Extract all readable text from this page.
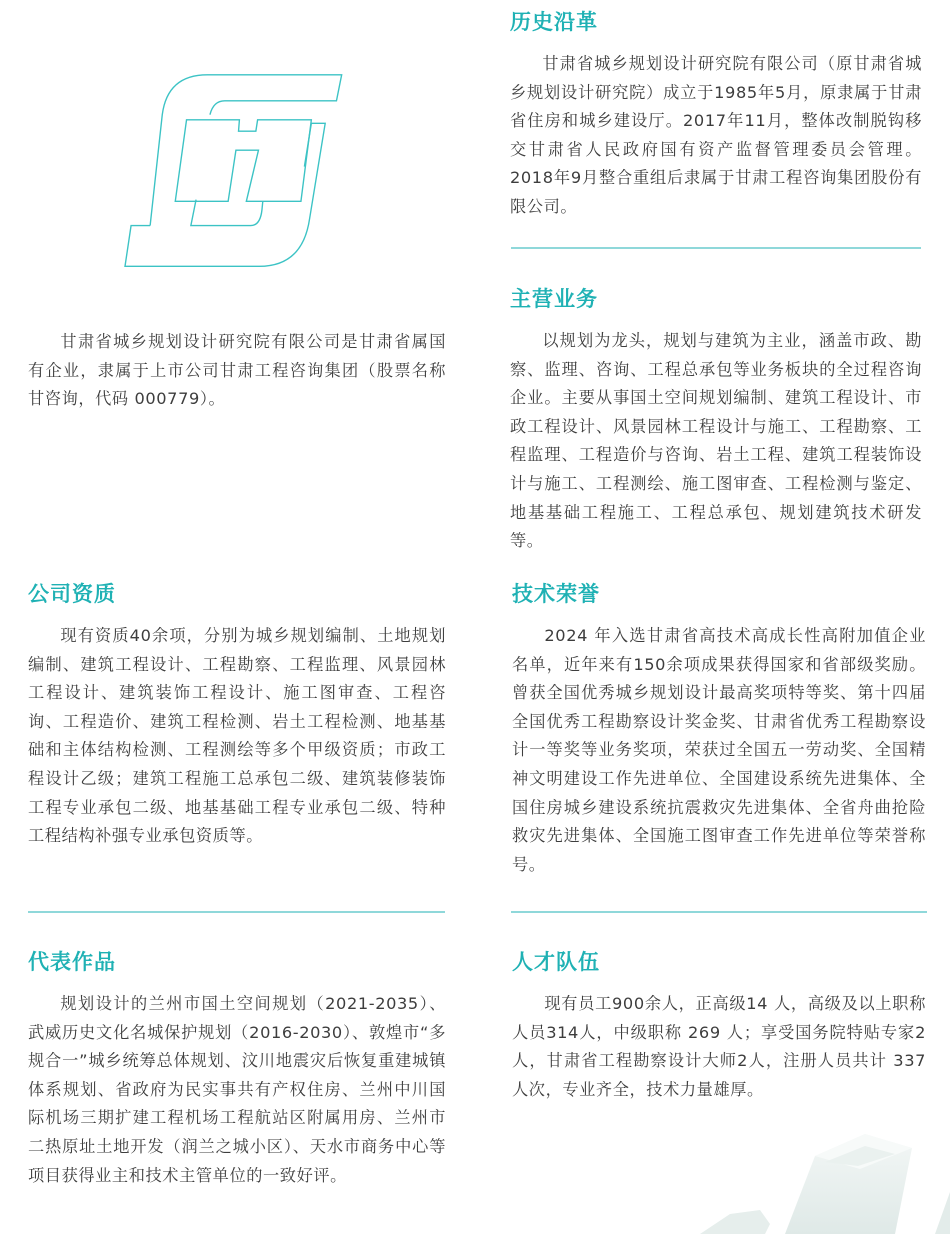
甘肃省城乡规划设计研究院有限公司是甘肃省属国有企业，隶属于上市公司甘肃工程咨询集团（股票名称甘咨询，代码 000779）。

历史沿革

甘肃省城乡规划设计研究院有限公司（原甘肃省城乡规划设计研究院）成立于1985年5月，原隶属于甘肃省住房和城乡建设厅。2017年11月，整体改制脱钩移交甘肃省人民政府国有资产监督管理委员会管理。2018年9月整合重组后隶属于甘肃工程咨询集团股份有限公司。

主营业务

以规划为龙头，规划与建筑为主业，涵盖市政、勘察、监理、咨询、工程总承包等业务板块的全过程咨询企业。主要从事国土空间规划编制、建筑工程设计、市政工程设计、风景园林工程设计与施工、工程勘察、工程监理、工程造价与咨询、岩土工程、建筑工程装饰设计与施工、工程测绘、施工图审查、工程检测与鉴定、地基基础工程施工、工程总承包、规划建筑技术研发等。

公司资质

现有资质40余项，分别为城乡规划编制、土地规划编制、建筑工程设计、工程勘察、工程监理、风景园林工程设计、建筑装饰工程设计、施工图审查、工程咨询、工程造价、建筑工程检测、岩土工程检测、地基基础和主体结构检测、工程测绘等多个甲级资质；市政工程设计乙级；建筑工程施工总承包二级、建筑装修装饰工程专业承包二级、地基基础工程专业承包二级、特种工程结构补强专业承包资质等。

技术荣誉

2024 年入选甘肃省高技术高成长性高附加值企业名单，近年来有150余项成果获得国家和省部级奖励。曾获全国优秀城乡规划设计最高奖项特等奖、第十四届全国优秀工程勘察设计奖金奖、甘肃省优秀工程勘察设计一等奖等业务奖项，荣获过全国五一劳动奖、全国精神文明建设工作先进单位、全国建设系统先进集体、全国住房城乡建设系统抗震救灾先进集体、全省舟曲抢险救灾先进集体、全国施工图审查工作先进单位等荣誉称号。

代表作品

规划设计的兰州市国土空间规划（2021-2035）、武威历史文化名城保护规划（2016-2030）、敦煌市“多规合一”城乡统筹总体规划、汶川地震灾后恢复重建城镇体系规划、省政府为民实事共有产权住房、兰州中川国际机场三期扩建工程机场工程航站区附属用房、兰州市二热原址土地开发（润兰之城小区）、天水市商务中心等项目获得业主和技术主管单位的一致好评。

人才队伍

现有员工900余人，正高级14 人，高级及以上职称人员314人，中级职称 269 人；享受国务院特贴专家2人，甘肃省工程勘察设计大师2人，注册人员共计 337 人次，专业齐全，技术力量雄厚。
